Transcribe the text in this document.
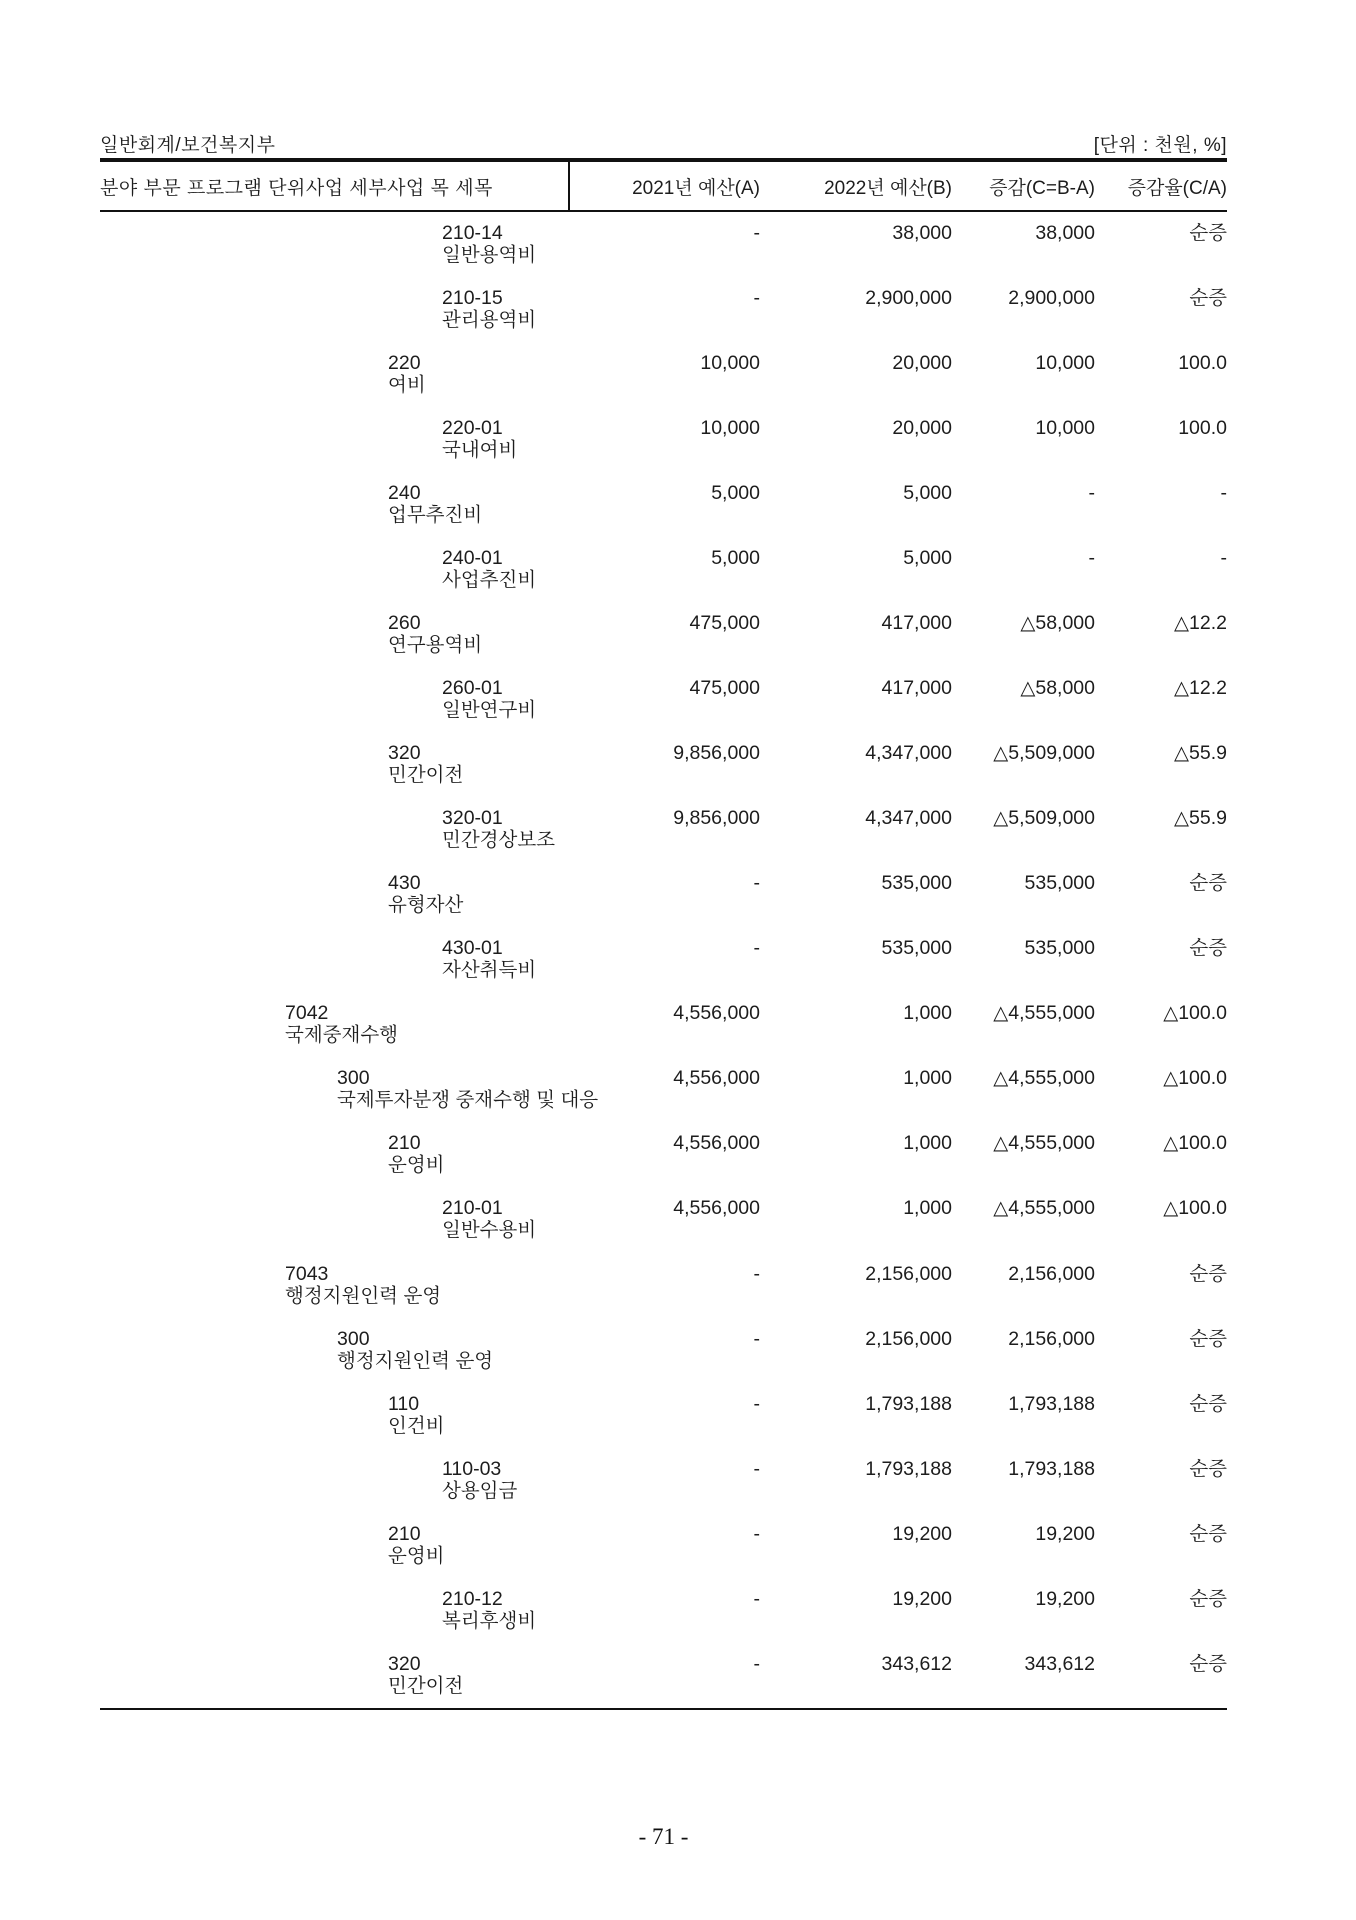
일반회계/보건복지부	[단위 : 천원, %]
분야 부문 프로그램 단위사업 세부사업 목 세목	2021년 예산(A)	2022년 예산(B)	증감(C=B-A)	증감율(C/A)
210-14
일반용역비
-	38,000	38,000	순증
210-15
관리용역비
-	2,900,000	2,900,000	순증
220
여비
10,000	20,000	10,000	100.0
220-01
국내여비
10,000	20,000	10,000	100.0
240
업무추진비
5,000	5,000	-	-
240-01
사업추진비
5,000	5,000	-	-
260
연구용역비
475,000	417,000	△58,000	△12.2
260-01
일반연구비
475,000	417,000	△58,000	△12.2
320
민간이전
9,856,000	4,347,000	△5,509,000	△55.9
320-01
민간경상보조
9,856,000	4,347,000	△5,509,000	△55.9
430
유형자산
-	535,000	535,000	순증
430-01
자산취득비
-	535,000	535,000	순증
7042
국제중재수행
4,556,000	1,000	△4,555,000	△100.0
300
국제투자분쟁 중재수행 및 대응
4,556,000	1,000	△4,555,000	△100.0
210
운영비
4,556,000	1,000	△4,555,000	△100.0
210-01
일반수용비
4,556,000	1,000	△4,555,000	△100.0
7043
행정지원인력 운영
-	2,156,000	2,156,000	순증
300
행정지원인력 운영
-	2,156,000	2,156,000	순증
110
인건비
-	1,793,188	1,793,188	순증
110-03
상용임금
-	1,793,188	1,793,188	순증
210
운영비
-	19,200	19,200	순증
210-12
복리후생비
-	19,200	19,200	순증
320
민간이전
-	343,612	343,612	순증
- 71 -
